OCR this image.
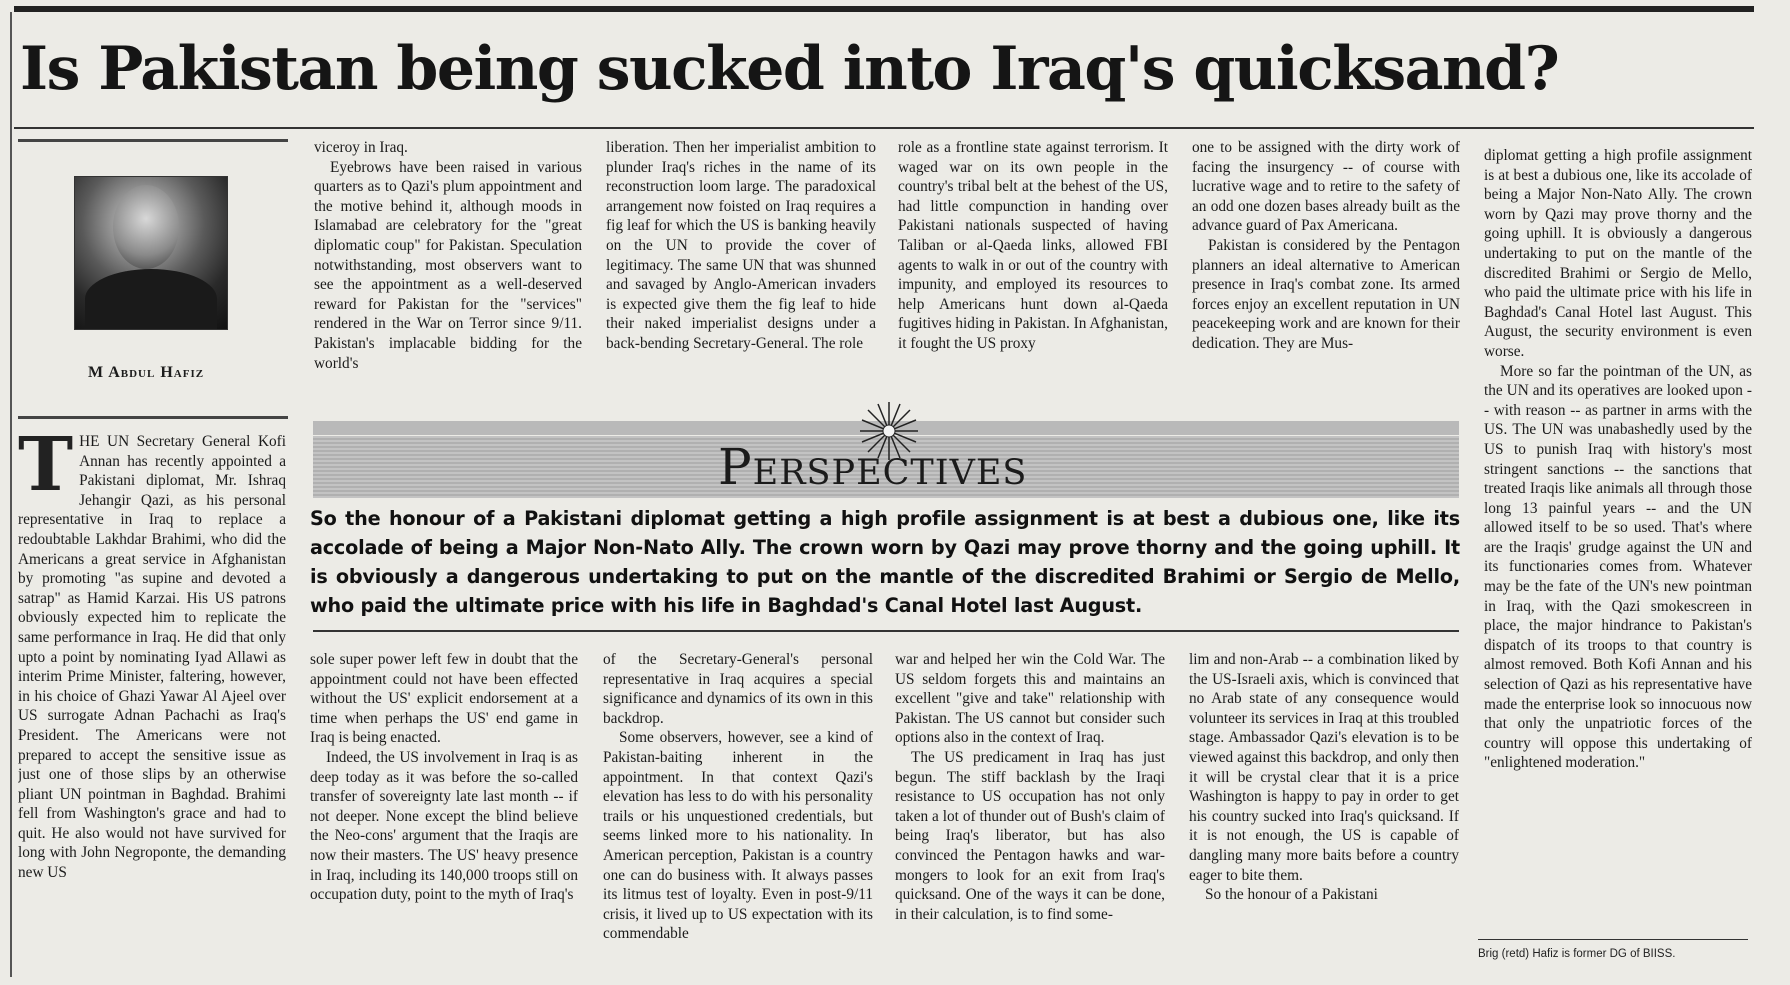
Is Pakistan being sucked into Iraq's quicksand?
M Abdul Hafiz

THE UN Secretary General Kofi Annan has recently appointed a Pakistani diplomat, Mr. Ishraq Jehangir Qazi, as his personal representative in Iraq to replace a redoubtable Lakhdar Brahimi, who did the Americans a great service in Afghanistan by promoting "as supine and devoted a satrap" as Hamid Karzai. His US patrons obviously expected him to replicate the same performance in Iraq. He did that only upto a point by nominating Iyad Allawi as interim Prime Minister, faltering, however, in his choice of Ghazi Yawar Al Ajeel over US surrogate Adnan Pachachi as Iraq's President. The Americans were not prepared to accept the sensitive issue as just one of those slips by an otherwise pliant UN pointman in Baghdad. Brahimi fell from Washington's grace and had to quit. He also would not have survived for long with John Negroponte, the demanding new US

viceroy in Iraq.

Eyebrows have been raised in various quarters as to Qazi's plum appointment and the motive behind it, although moods in Islamabad are celebratory for the "great diplomatic coup" for Pakistan. Speculation notwithstanding, most observers want to see the appointment as a well-deserved reward for Pakistan for the "services" rendered in the War on Terror since 9/11. Pakistan's implacable bidding for the world's

liberation. Then her imperialist ambition to plunder Iraq's riches in the name of its reconstruction loom large. The paradoxical arrangement now foisted on Iraq requires a fig leaf for which the US is banking heavily on the UN to provide the cover of legitimacy. The same UN that was shunned and savaged by Anglo-American invaders is expected give them the fig leaf to hide their naked imperialist designs under a back-bending Secretary-General. The role

role as a frontline state against terrorism. It waged war on its own people in the country's tribal belt at the behest of the US, had little compunction in handing over Pakistani nationals suspected of having Taliban or al-Qaeda links, allowed FBI agents to walk in or out of the country with impunity, and employed its resources to help Americans hunt down al-Qaeda fugitives hiding in Pakistan. In Afghanistan, it fought the US proxy

one to be assigned with the dirty work of facing the insurgency -- of course with lucrative wage and to retire to the safety of an odd one dozen bases already built as the advance guard of Pax Americana.

Pakistan is considered by the Pentagon planners an ideal alternative to American presence in Iraq's combat zone. Its armed forces enjoy an excellent reputation in UN peacekeeping work and are known for their dedication. They are Mus-

diplomat getting a high profile assignment is at best a dubious one, like its accolade of being a Major Non-Nato Ally. The crown worn by Qazi may prove thorny and the going uphill. It is obviously a dangerous undertaking to put on the mantle of the discredited Brahimi or Sergio de Mello, who paid the ultimate price with his life in Baghdad's Canal Hotel last August. This August, the security environment is even worse.

More so far the pointman of the UN, as the UN and its operatives are looked upon -- with reason -- as partner in arms with the US. The UN was unabashedly used by the US to punish Iraq with history's most stringent sanctions -- the sanctions that treated Iraqis like animals all through those long 13 painful years -- and the UN allowed itself to be so used. That's where are the Iraqis' grudge against the UN and its functionaries comes from. Whatever may be the fate of the UN's new pointman in Iraq, with the Qazi smokescreen in place, the major hindrance to Pakistan's dispatch of its troops to that country is almost removed. Both Kofi Annan and his selection of Qazi as his representative have made the enterprise look so innocuous now that only the unpatriotic forces of the country will oppose this undertaking of "enlightened moderation."

Perspectives
So the honour of a Pakistani diplomat getting a high profile assignment is at best a dubious one, like its accolade of being a Major Non-Nato Ally. The crown worn by Qazi may prove thorny and the going uphill. It is obviously a dangerous undertaking to put on the mantle of the discredited Brahimi or Sergio de Mello, who paid the ultimate price with his life in Baghdad's Canal Hotel last August.

sole super power left few in doubt that the appointment could not have been effected without the US' explicit endorsement at a time when perhaps the US' end game in Iraq is being enacted.

Indeed, the US involvement in Iraq is as deep today as it was before the so-called transfer of sovereignty late last month -- if not deeper. None except the blind believe the Neo-cons' argument that the Iraqis are now their masters. The US' heavy presence in Iraq, including its 140,000 troops still on occupation duty, point to the myth of Iraq's

of the Secretary-General's personal representative in Iraq acquires a special significance and dynamics of its own in this backdrop.

Some observers, however, see a kind of Pakistan-baiting inherent in the appointment. In that context Qazi's elevation has less to do with his personality trails or his unquestioned credentials, but seems linked more to his nationality. In American perception, Pakistan is a country one can do business with. It always passes its litmus test of loyalty. Even in post-9/11 crisis, it lived up to US expectation with its commendable

war and helped her win the Cold War. The US seldom forgets this and maintains an excellent "give and take" relationship with Pakistan. The US cannot but consider such options also in the context of Iraq.

The US predicament in Iraq has just begun. The stiff backlash by the Iraqi resistance to US occupation has not only taken a lot of thunder out of Bush's claim of being Iraq's liberator, but has also convinced the Pentagon hawks and war-mongers to look for an exit from Iraq's quicksand. One of the ways it can be done, in their calculation, is to find some-

lim and non-Arab -- a combination liked by the US-Israeli axis, which is convinced that no Arab state of any consequence would volunteer its services in Iraq at this troubled stage. Ambassador Qazi's elevation is to be viewed against this backdrop, and only then it will be crystal clear that it is a price Washington is happy to pay in order to get his country sucked into Iraq's quicksand. If it is not enough, the US is capable of dangling many more baits before a country eager to bite them.

So the honour of a Pakistani

Brig (retd) Hafiz is former DG of BIISS.
